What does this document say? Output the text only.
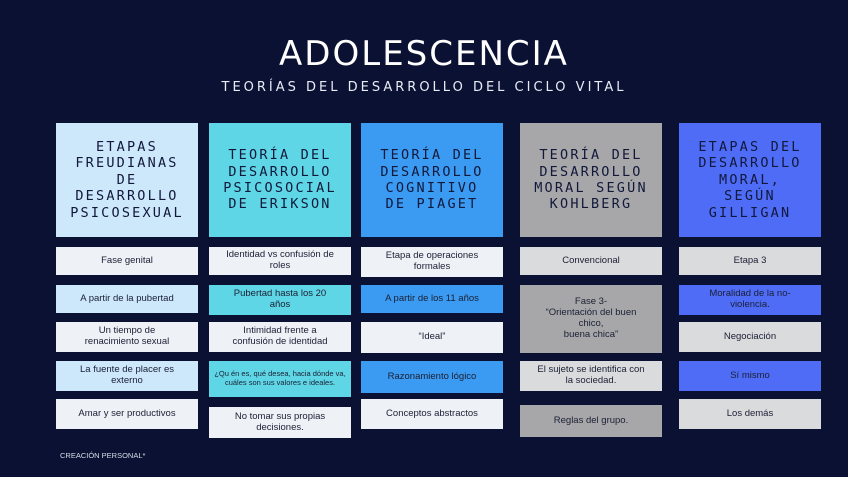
ADOLESCENCIA
TEORÍAS DEL DESARROLLO DEL CICLO VITAL
ETAPAS
FREUDIANAS
DE
DESARROLLO
PSICOSEXUAL
Fase genital
A partir de la pubertad
Un tiempo de
renacimiento sexual
La fuente de placer es
externo
Amar y ser productivos
TEORÍA DEL
DESARROLLO
PSICOSOCIAL
DE ERIKSON
Identidad vs confusión de
roles
Pubertad hasta los 20
años
Intimidad frente a
confusión de identidad
¿Qu én es, qué desea, hacia dónde va,
cuáles son sus valores e ideales.
No tomar sus propias
decisiones.
TEORÍA DEL
DESARROLLO
COGNITIVO
DE PIAGET
Etapa de operaciones
formales
A partir de los 11 años
“Ideal”
Razonamiento lógico
Conceptos abstractos
TEORÍA DEL
DESARROLLO
MORAL SEGÚN
KOHLBERG
Convencional
Fase 3-
“Orientación del buen
chico,
buena chica”
El sujeto se identifica con
la sociedad.
Reglas del grupo.
ETAPAS DEL
DESARROLLO
MORAL,
SEGÚN
GILLIGAN
Etapa 3
Moralidad de la no-
violencia.
Negociación
Sí mismo
Los demás
CREACIÓN PERSONAL*
